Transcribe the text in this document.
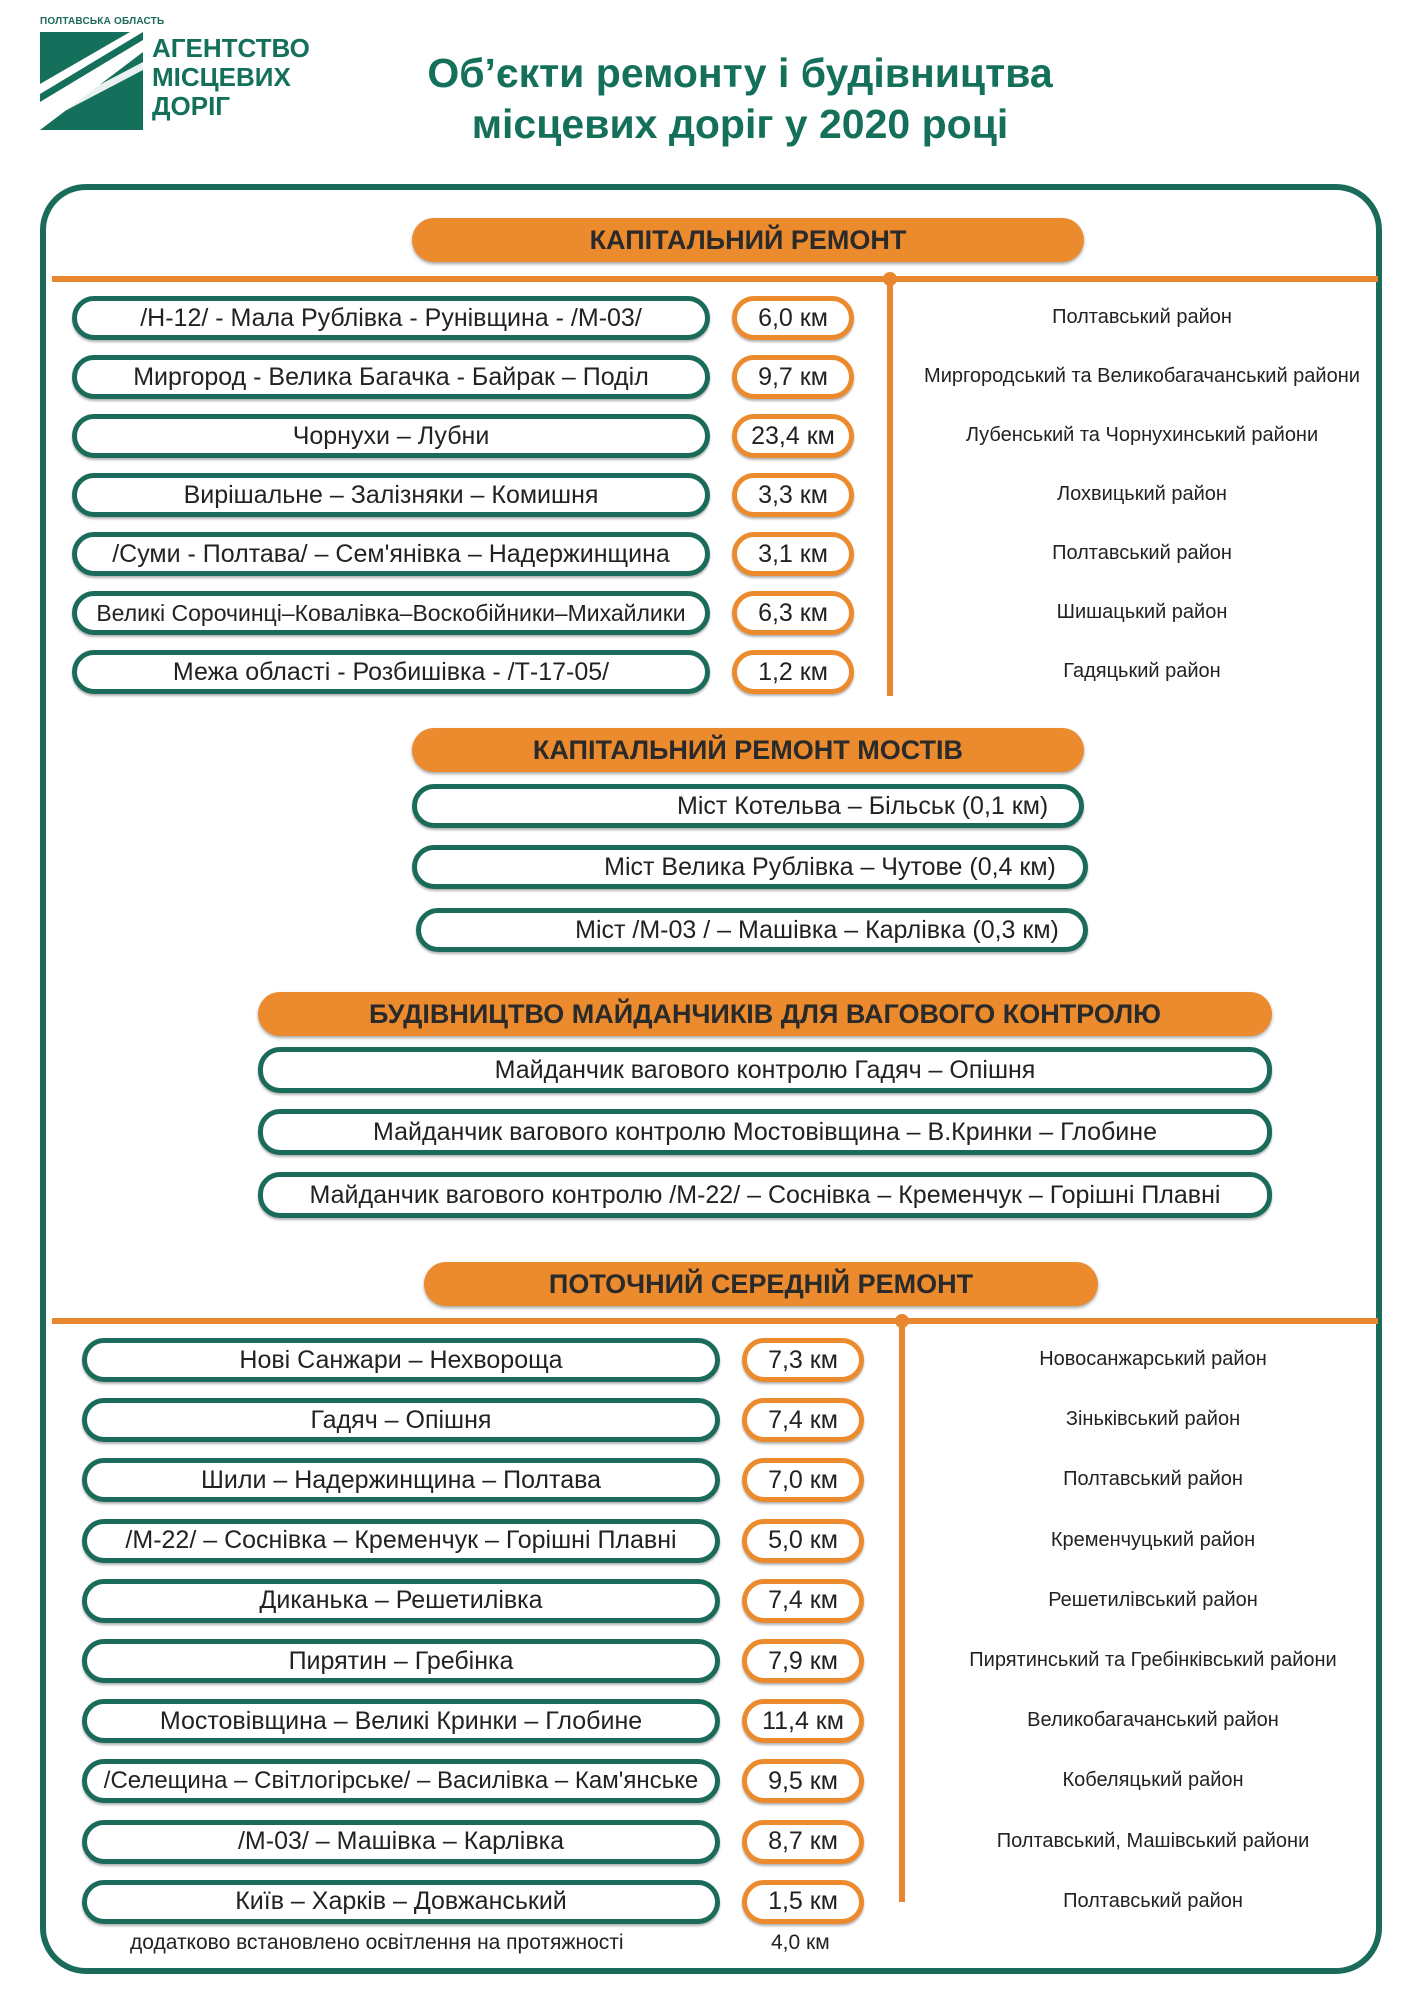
ПОЛТАВСЬКА ОБЛАСТЬ
АГЕНТСТВО
МІСЦЕВИХ
ДОРІГ
Об’єкти ремонту і будівництва
місцевих доріг у 2020 році
КАПІТАЛЬНИЙ РЕМОНТ
/Н-12/ - Мала Рублівка - Рунівщина - /М-03/	6,0 км	Полтавський район
Миргород - Велика Багачка - Байрак – Поділ	9,7 км	Миргородський та Великобагачанський райони
Чорнухи – Лубни	23,4 км	Лубенський та Чорнухинський райони
Вирішальне – Залізняки – Комишня	3,3 км	Лохвицький район
/Суми - Полтава/ – Сем'янівка – Надержинщина	3,1 км	Полтавський район
Великі Сорочинці–Ковалівка–Воскобійники–Михайлики	6,3 км	Шишацький район
Межа області - Розбишівка - /Т-17-05/	1,2 км	Гадяцький район
КАПІТАЛЬНИЙ РЕМОНТ МОСТІВ
Міст Котельва – Більськ (0,1 км)
Міст Велика Рублівка – Чутове (0,4 км)
Міст /М-03 / – Машівка – Карлівка (0,3 км)
БУДІВНИЦТВО МАЙДАНЧИКІВ ДЛЯ ВАГОВОГО КОНТРОЛЮ
Майданчик вагового контролю Гадяч – Опішня
Майданчик вагового контролю Мостовівщина – В.Кринки – Глобине
Майданчик вагового контролю /М-22/ – Соснівка – Кременчук – Горішні Плавні
ПОТОЧНИЙ СЕРЕДНІЙ РЕМОНТ
Нові Санжари – Нехвороща	7,3 км	Новосанжарський район
Гадяч – Опішня	7,4 км	Зіньківський район
Шили – Надержинщина – Полтава	7,0 км	Полтавський район
/М-22/ – Соснівка – Кременчук – Горішні Плавні	5,0 км	Кременчуцький район
Диканька – Решетилівка	7,4 км	Решетилівський район
Пирятин – Гребінка	7,9 км	Пирятинський та Гребінківський райони
Мостовівщина – Великі Кринки – Глобине	11,4 км	Великобагачанський район
/Селещина – Світлогірське/ – Василівка – Кам'янське	9,5 км	Кобеляцький район
/М-03/ – Машівка – Карлівка	8,7 км	Полтавський, Машівський райони
Київ – Харків – Довжанський	1,5 км	Полтавський район
додатково встановлено освітлення на протяжності	4,0 км
